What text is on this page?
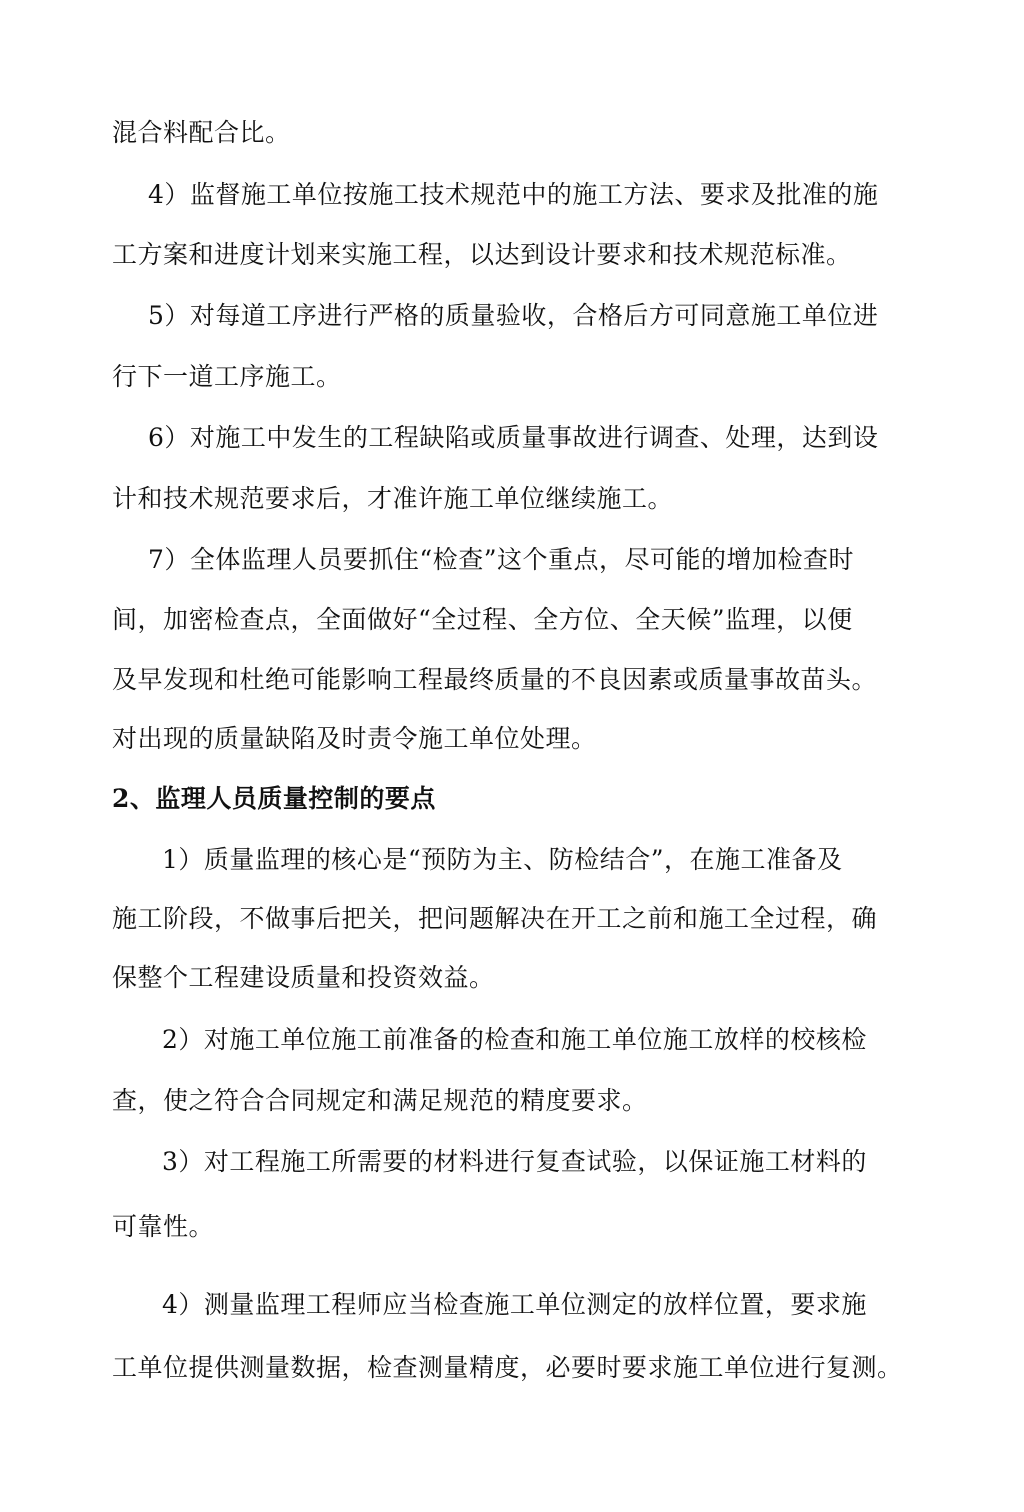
混合料配合比。
4）监督施工单位按施工技术规范中的施工方法、要求及批准的施
工方案和进度计划来实施工程，以达到设计要求和技术规范标准。
5）对每道工序进行严格的质量验收，合格后方可同意施工单位进
行下一道工序施工。
6）对施工中发生的工程缺陷或质量事故进行调查、处理，达到设
计和技术规范要求后，才准许施工单位继续施工。
7）全体监理人员要抓住“检查”这个重点，尽可能的增加检查时
间，加密检查点，全面做好“全过程、全方位、全天候”监理，以便
及早发现和杜绝可能影响工程最终质量的不良因素或质量事故苗头。
对出现的质量缺陷及时责令施工单位处理。
2、监理人员质量控制的要点
1）质量监理的核心是“预防为主、防检结合”，在施工准备及
施工阶段，不做事后把关，把问题解决在开工之前和施工全过程，确
保整个工程建设质量和投资效益。
2）对施工单位施工前准备的检查和施工单位施工放样的校核检
查，使之符合合同规定和满足规范的精度要求。
3）对工程施工所需要的材料进行复查试验，以保证施工材料的
可靠性。
4）测量监理工程师应当检查施工单位测定的放样位置，要求施
工单位提供测量数据，检查测量精度，必要时要求施工单位进行复测。
